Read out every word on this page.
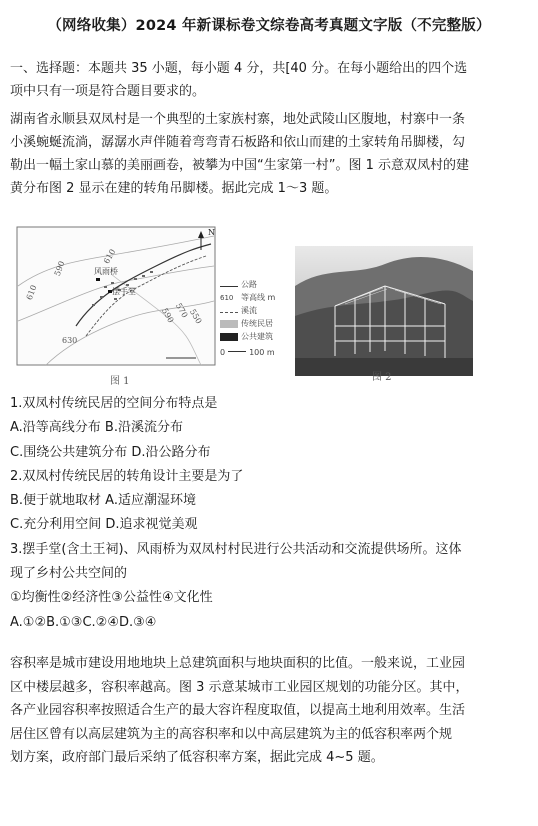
（网络收集）2024 年新课标卷文综卷高考真题文字版（不完整版）
一、选择题：本题共 35 小题，每小题 4 分，共[40 分。在每小题给出的四个选
项中只有一项是符合题目要求的。
湖南省永顺县双凤村是一个典型的土家族村寨，地处武陵山区腹地，村寨中一条
小溪蜿蜒流淌，潺潺水声伴随着弯弯青石板路和依山而建的土家转角吊脚楼，勾
勒出一幅土家山慕的美丽画卷，被攀为中国“生家第一村”。图 1 示意双凤村的建
黄分布图 2 显示在建的转角吊脚楼。据此完成 1～3 题。
590
610
610
630
590
570
550
风雨桥
摆手堂
N
公路
610 等高线 m
溪流
传统民居
公共建筑
0	100 m
图 1	图 2
1.双凤村传统民居的空间分布特点是
A.沿等高线分布 B.沿溪流分布
C.围绕公共建筑分布 D.沿公路分布
2.双凤村传统民居的转角设计主要是为了
B.便于就地取材 A.适应潮湿环境
C.充分利用空间 D.追求视觉美观
3.摆手堂(含土王祠)、风雨桥为双凤村村民进行公共活动和交流提供场所。这体
现了乡村公共空间的
①均衡性②经济性③公益性④文化性
A.①②B.①③C.②④D.③④
容积率是城市建设用地地块上总建筑面积与地块面积的比值。一般来说，工业园
区中楼层越多，容积率越高。图 3 示意某城市工业园区规划的功能分区。其中，
各产业园容积率按照适合生产的最大容许程度取值，以提高土地利用效率。生活
居住区曾有以高层建筑为主的高容积率和以中高层建筑为主的低容积率两个规
划方案，政府部门最后采纳了低容积率方案，据此完成 4~5 题。
